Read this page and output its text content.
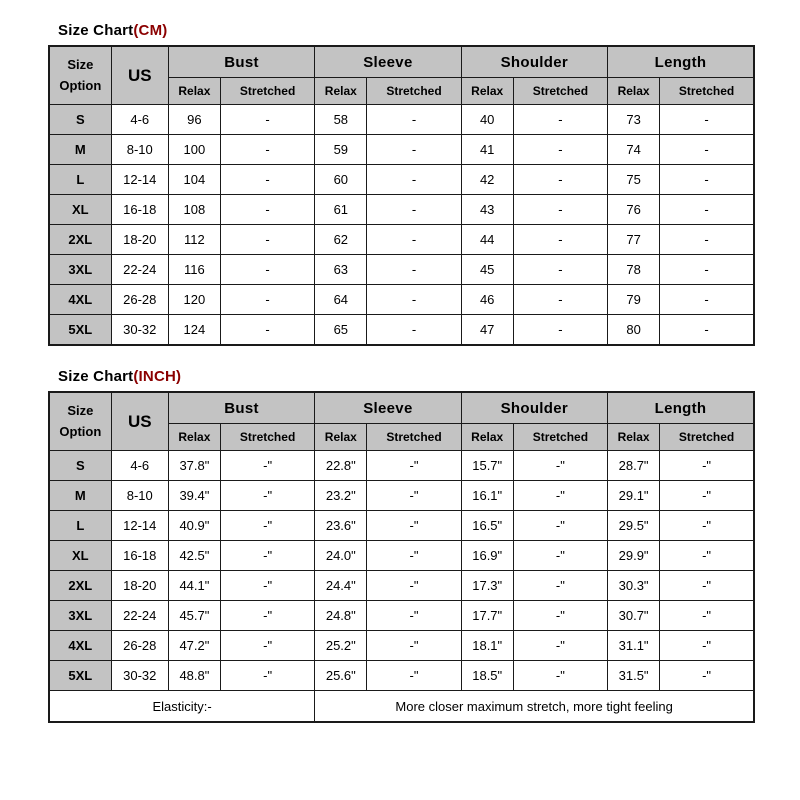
Size Chart(CM)
Size
Option	US	Bust		Sleeve		Shoulder		Length	
		Relax	Stretched	Relax	Stretched	Relax	Stretched	Relax	Stretched
S	4-6	96	-	58	-	40	-	73	-
M	8-10	100	-	59	-	41	-	74	-
L	12-14	104	-	60	-	42	-	75	-
XL	16-18	108	-	61	-	43	-	76	-
2XL	18-20	112	-	62	-	44	-	77	-
3XL	22-24	116	-	63	-	45	-	78	-
4XL	26-28	120	-	64	-	46	-	79	-
5XL	30-32	124	-	65	-	47	-	80	-
Size Chart(INCH)
Size
Option	US	Bust		Sleeve		Shoulder		Length	
		Relax	Stretched	Relax	Stretched	Relax	Stretched	Relax	Stretched
S	4-6	37.8"	-"	22.8"	-"	15.7"	-"	28.7"	-"
M	8-10	39.4"	-"	23.2"	-"	16.1"	-"	29.1"	-"
L	12-14	40.9"	-"	23.6"	-"	16.5"	-"	29.5"	-"
XL	16-18	42.5"	-"	24.0"	-"	16.9"	-"	29.9"	-"
2XL	18-20	44.1"	-"	24.4"	-"	17.3"	-"	30.3"	-"
3XL	22-24	45.7"	-"	24.8"	-"	17.7"	-"	30.7"	-"
4XL	26-28	47.2"	-"	25.2"	-"	18.1"	-"	31.1"	-"
5XL	30-32	48.8"	-"	25.6"	-"	18.5"	-"	31.5"	-"
Elasticity:-				More closer maximum stretch, more tight feeling					
